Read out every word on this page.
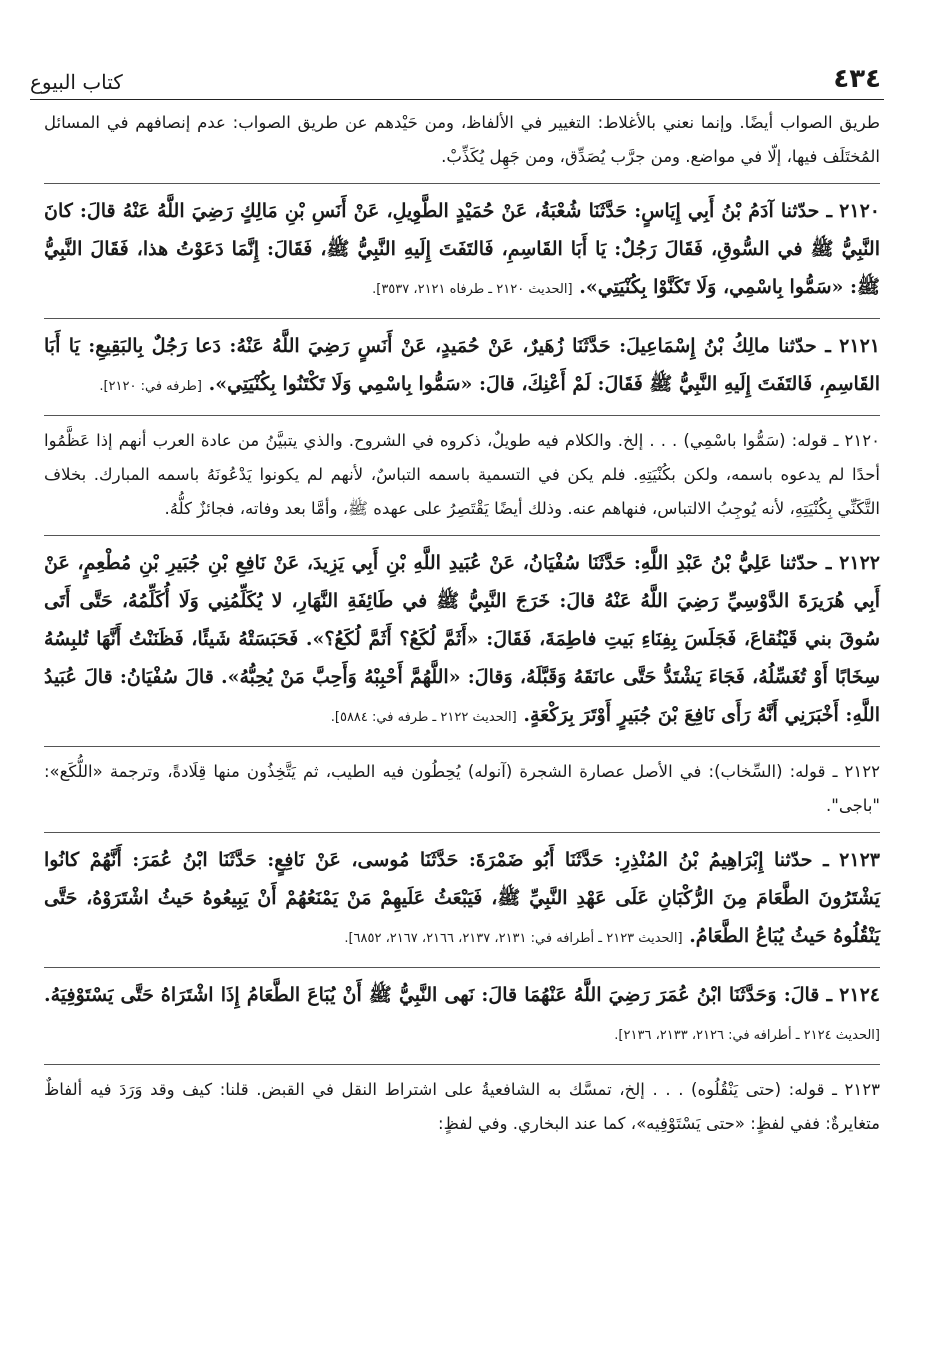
٤٣٤
كتاب البيوع

طريق الصواب أيضًا. وإنما نعني بالأغلاط: التغيير في الألفاظ، ومن حَيْدهم عن طريق الصواب: عدم إنصافهم في المسائل المُختَلَف فيها، إلّا في مواضع. ومن جرَّب يُصَدِّق، ومن جَهِل يُكَذِّبْ.

٢١٢٠ ـ حدّثنا آدَمُ بْنُ أَبِي إِيَاسٍ: حَدَّثَنَا شُعْبَةُ، عَنْ حُمَيْدٍ الطَّوِيلِ، عَنْ أَنَسِ بْنِ مَالِكٍ رَضِيَ اللَّهُ عَنْهُ قالَ: كانَ النَّبِيُّ ﷺ في السُّوقِ، فَقَالَ رَجُلٌ: يَا أَبَا القَاسِمِ، فَالتَفَتَ إِلَيهِ النَّبِيُّ ﷺ، فَقَالَ: إِنَّمَا دَعَوْتُ هذا، فَقَالَ النَّبِيُّ ﷺ: «سَمُّوا بِاسْمِي، وَلَا تَكَنَّوْا بِكُنْيَتِي». [الحديث ٢١٢٠ ـ طرفاه ٢١٢١، ٣٥٣٧].

٢١٢١ ـ حدّثنا مالِكُ بْنُ إِسْمَاعِيلَ: حَدَّثَنَا زُهَيرٌ، عَنْ حُمَيدٍ، عَنْ أَنَسٍ رَضِيَ اللَّهُ عَنْهُ: دَعا رَجُلٌ بِالبَقِيعِ: يَا أَبَا القَاسِمِ، فَالتَفَتَ إِلَيهِ النَّبِيُّ ﷺ فَقَالَ: لَمْ أَعْنِكَ، قالَ: «سَمُّوا بِاسْمِي وَلَا تَكْتَنُوا بِكُنْيَتِي». [طرفه في: ٢١٢٠].

٢١٢٠ ـ قوله: (سَمُّوا باسْمِي) . . . إلخ. والكلام فيه طويلٌ، ذكروه في الشروح. والذي يتبيَّنُ من عادة العرب أنهم إذا عَظَّمُوا أحدًا لم يدعوه باسمه، ولكن بكُنْيَتِهِ. فلم يكن في التسمية باسمه التباسٌ، لأنهم لم يكونوا يَدْعُونَهُ باسمه المبارك. بخلاف التَّكَنِّي بِكُنْيَتِهِ، لأنه يُوجِبُ الالتباس، فنهاهم عنه. وذلك أيضًا يَقْتَصِرُ على عهده ﷺ، وأمَّا بعد وفاته، فجائزٌ كلُّهُ.

٢١٢٢ ـ حدّثنا عَلِيُّ بْنُ عَبْدِ اللَّهِ: حَدَّثَنَا سُفْيَانُ، عَنْ عُبَيدِ اللَّهِ بْنِ أَبِي يَزِيدَ، عَنْ نَافِعِ بْنِ جُبَيرِ بْنِ مُطْعِمٍ، عَنْ أَبِي هُرَيرَةَ الدَّوْسِيِّ رَضِيَ اللَّهُ عَنْهُ قالَ: خَرَجَ النَّبِيُّ ﷺ في طَائِفَةِ النَّهَارِ، لا يُكَلِّمُنِي وَلَا أُكَلِّمُهُ، حَتَّى أَتَى سُوقَ بني قَيْنُقاعَ، فَجَلَسَ بِفِنَاءِ بَيتِ فاطِمَةَ، فَقَالَ: «أَثَمَّ لُكَعُ؟ أَثَمَّ لُكَعُ؟». فَحَبَسَتْهُ شَيئًا، فَظَنَنْتُ أَنَّهَا تُلبِسُهُ سِخَابًا أَوْ تُغَسِّلُهُ، فَجَاءَ يَشْتَدُّ حَتَّى عانَقَهُ وَقَبَّلَهُ، وَقالَ: «اللَّهُمَّ أَحْبِبْهُ وَأَحِبَّ مَنْ يُحِبُّهُ». قالَ سُفْيَانُ: قالَ عُبَيدُ اللَّهِ: أَخْبَرَنِي أَنَّهُ رَأَى نَافِعَ بْنَ جُبَيرٍ أَوْتَرَ بِرَكْعَةٍ. [الحديث ٢١٢٢ ـ طرفه في: ٥٨٨٤].

٢١٢٢ ـ قوله: (السِّخاب): في الأصل عصارة الشجرة (آنوله) يُحِطُون فيه الطيب، ثم يَتَّخِذُون منها قِلَادةً، وترجمة «اللُّكَع»: "باجى".

٢١٢٣ ـ حدّثنا إِبْرَاهِيمُ بْنُ المُنْذِرِ: حَدَّثَنَا أَبُو ضَمْرَةَ: حَدَّثَنَا مُوسى، عَنْ نَافِعٍ: حَدَّثَنَا ابْنُ عُمَرَ: أَنَّهُمْ كانُوا يَشْتَرُونَ الطَّعَامَ مِنَ الرُّكْبَانِ عَلَى عَهْدِ النَّبِيِّ ﷺ، فَيَبْعَثُ عَلَيهِمْ مَنْ يَمْنَعُهُمْ أَنْ يَبِيعُوهُ حَيثُ اشْتَرَوْهُ، حَتَّى يَنْقُلُوهُ حَيثُ يُبَاعُ الطَّعَامُ. [الحديث ٢١٢٣ ـ أطرافه في: ٢١٣١، ٢١٣٧، ٢١٦٦، ٢١٦٧، ٦٨٥٢].

٢١٢٤ ـ قالَ: وَحَدَّثَنَا ابْنُ عُمَرَ رَضِيَ اللَّهُ عَنْهُمَا قالَ: نَهى النَّبِيُّ ﷺ أَنْ يُبَاعَ الطَّعَامُ إِذَا اشْتَرَاهُ حَتَّى يَسْتَوْفِيَهُ. [الحديث ٢١٢٤ ـ أطرافه في: ٢١٢٦، ٢١٣٣، ٢١٣٦].

٢١٢٣ ـ قوله: (حتى يَنْقُلُوه) . . . إلخ، تمسَّك به الشافعيةُ على اشتراط النقل في القبض. قلنا: كيف وقد وَرَدَ فيه ألفاظٌ متغايرةٌ: ففي لفظٍ: «حتى يَسْتَوْفِيه»، كما عند البخاري. وفي لفظٍ:
